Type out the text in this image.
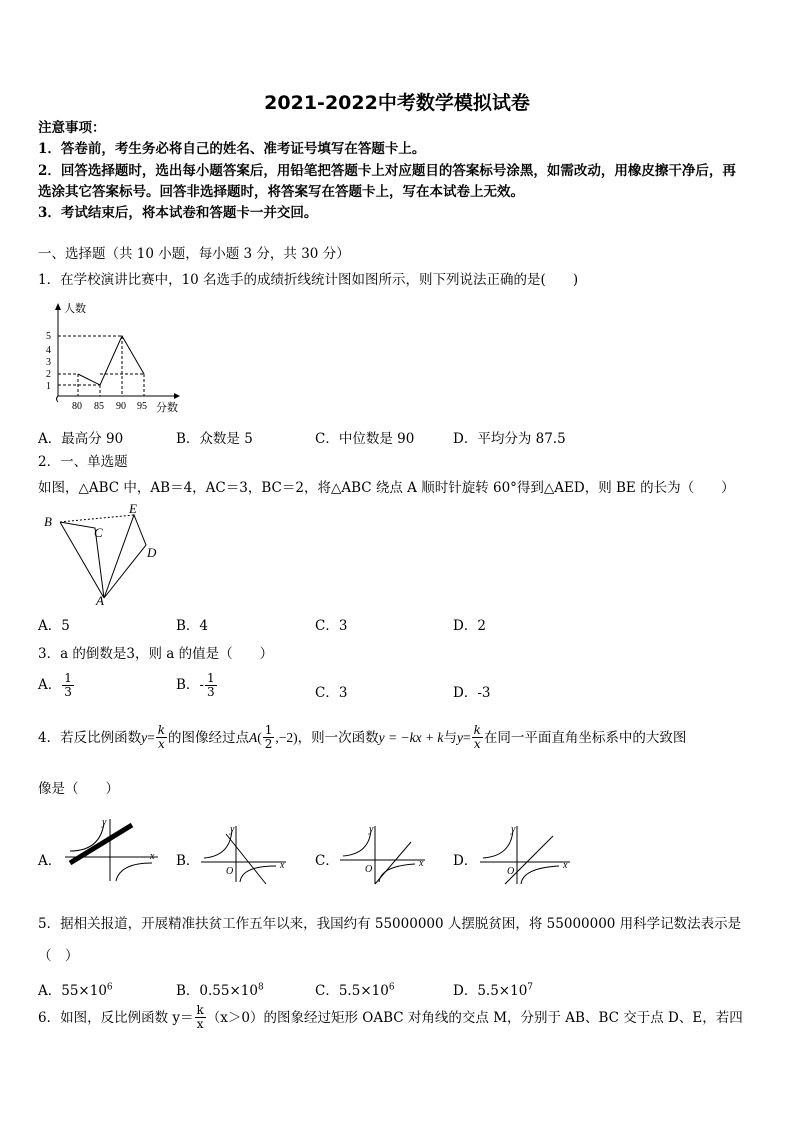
2021-2022中考数学模拟试卷
注意事项：
1．答卷前，考生务必将自己的姓名、准考证号填写在答题卡上。
2．回答选择题时，选出每小题答案后，用铅笔把答题卡上对应题目的答案标号涂黑，如需改动，用橡皮擦干净后，再
选涂其它答案标号。回答非选择题时，将答案写在答题卡上，写在本试卷上无效。
3．考试结束后，将本试卷和答题卡一并交回。
一、选择题（共 10 小题，每小题 3 分，共 30 分）
1．在学校演讲比赛中，10 名选手的成绩折线统计图如图所示，则下列说法正确的是(　　)
人数
分数
1
2
3
4
5
80 85 90 95
A．最高分 90	B．众数是 5	C．中位数是 90	D．平均分为 87.5
2．一、单选题
如图，△ABC 中，AB＝4，AC＝3，BC＝2，将△ABC 绕点 A 顺时针旋转 60°得到△AED，则 BE 的长为（　　）
B
C
E
D
A
A．5	B．4	C．3	D．2
3．a 的倒数是3，则 a 的值是（　　）
A． $\frac{1}{3}$	B．- $\frac{1}{3}$	C．3	D．-3
4．若反比例函数 $y = \frac{k}{x}$ 的图像经过点 A ( $\frac{1}{2} ,-2$) ，则一次函数 y = −kx + k 与 $y = \frac{k}{x}$ 在同一平面直角坐标系中的大致图
像是（　　）
A．	x
y
B．	x
y
O
C．	x
y
O
D．	x
y
O
5．据相关报道，开展精准扶贫工作五年以来，我国约有 55000000 人摆脱贫困，将 55000000 用科学记数法表示是
（　）
A．$55\times 10^6$	B．$0.55\times 10^8$	C．$5.5\times 10^6$	D．$5.5\times 10^7$
6．如图，反比例函数 $y= \frac{k}{x} (x>0)$的图象经过矩形 OABC 对角线的交点 M，分别于 AB、BC 交于点 D、E，若四
